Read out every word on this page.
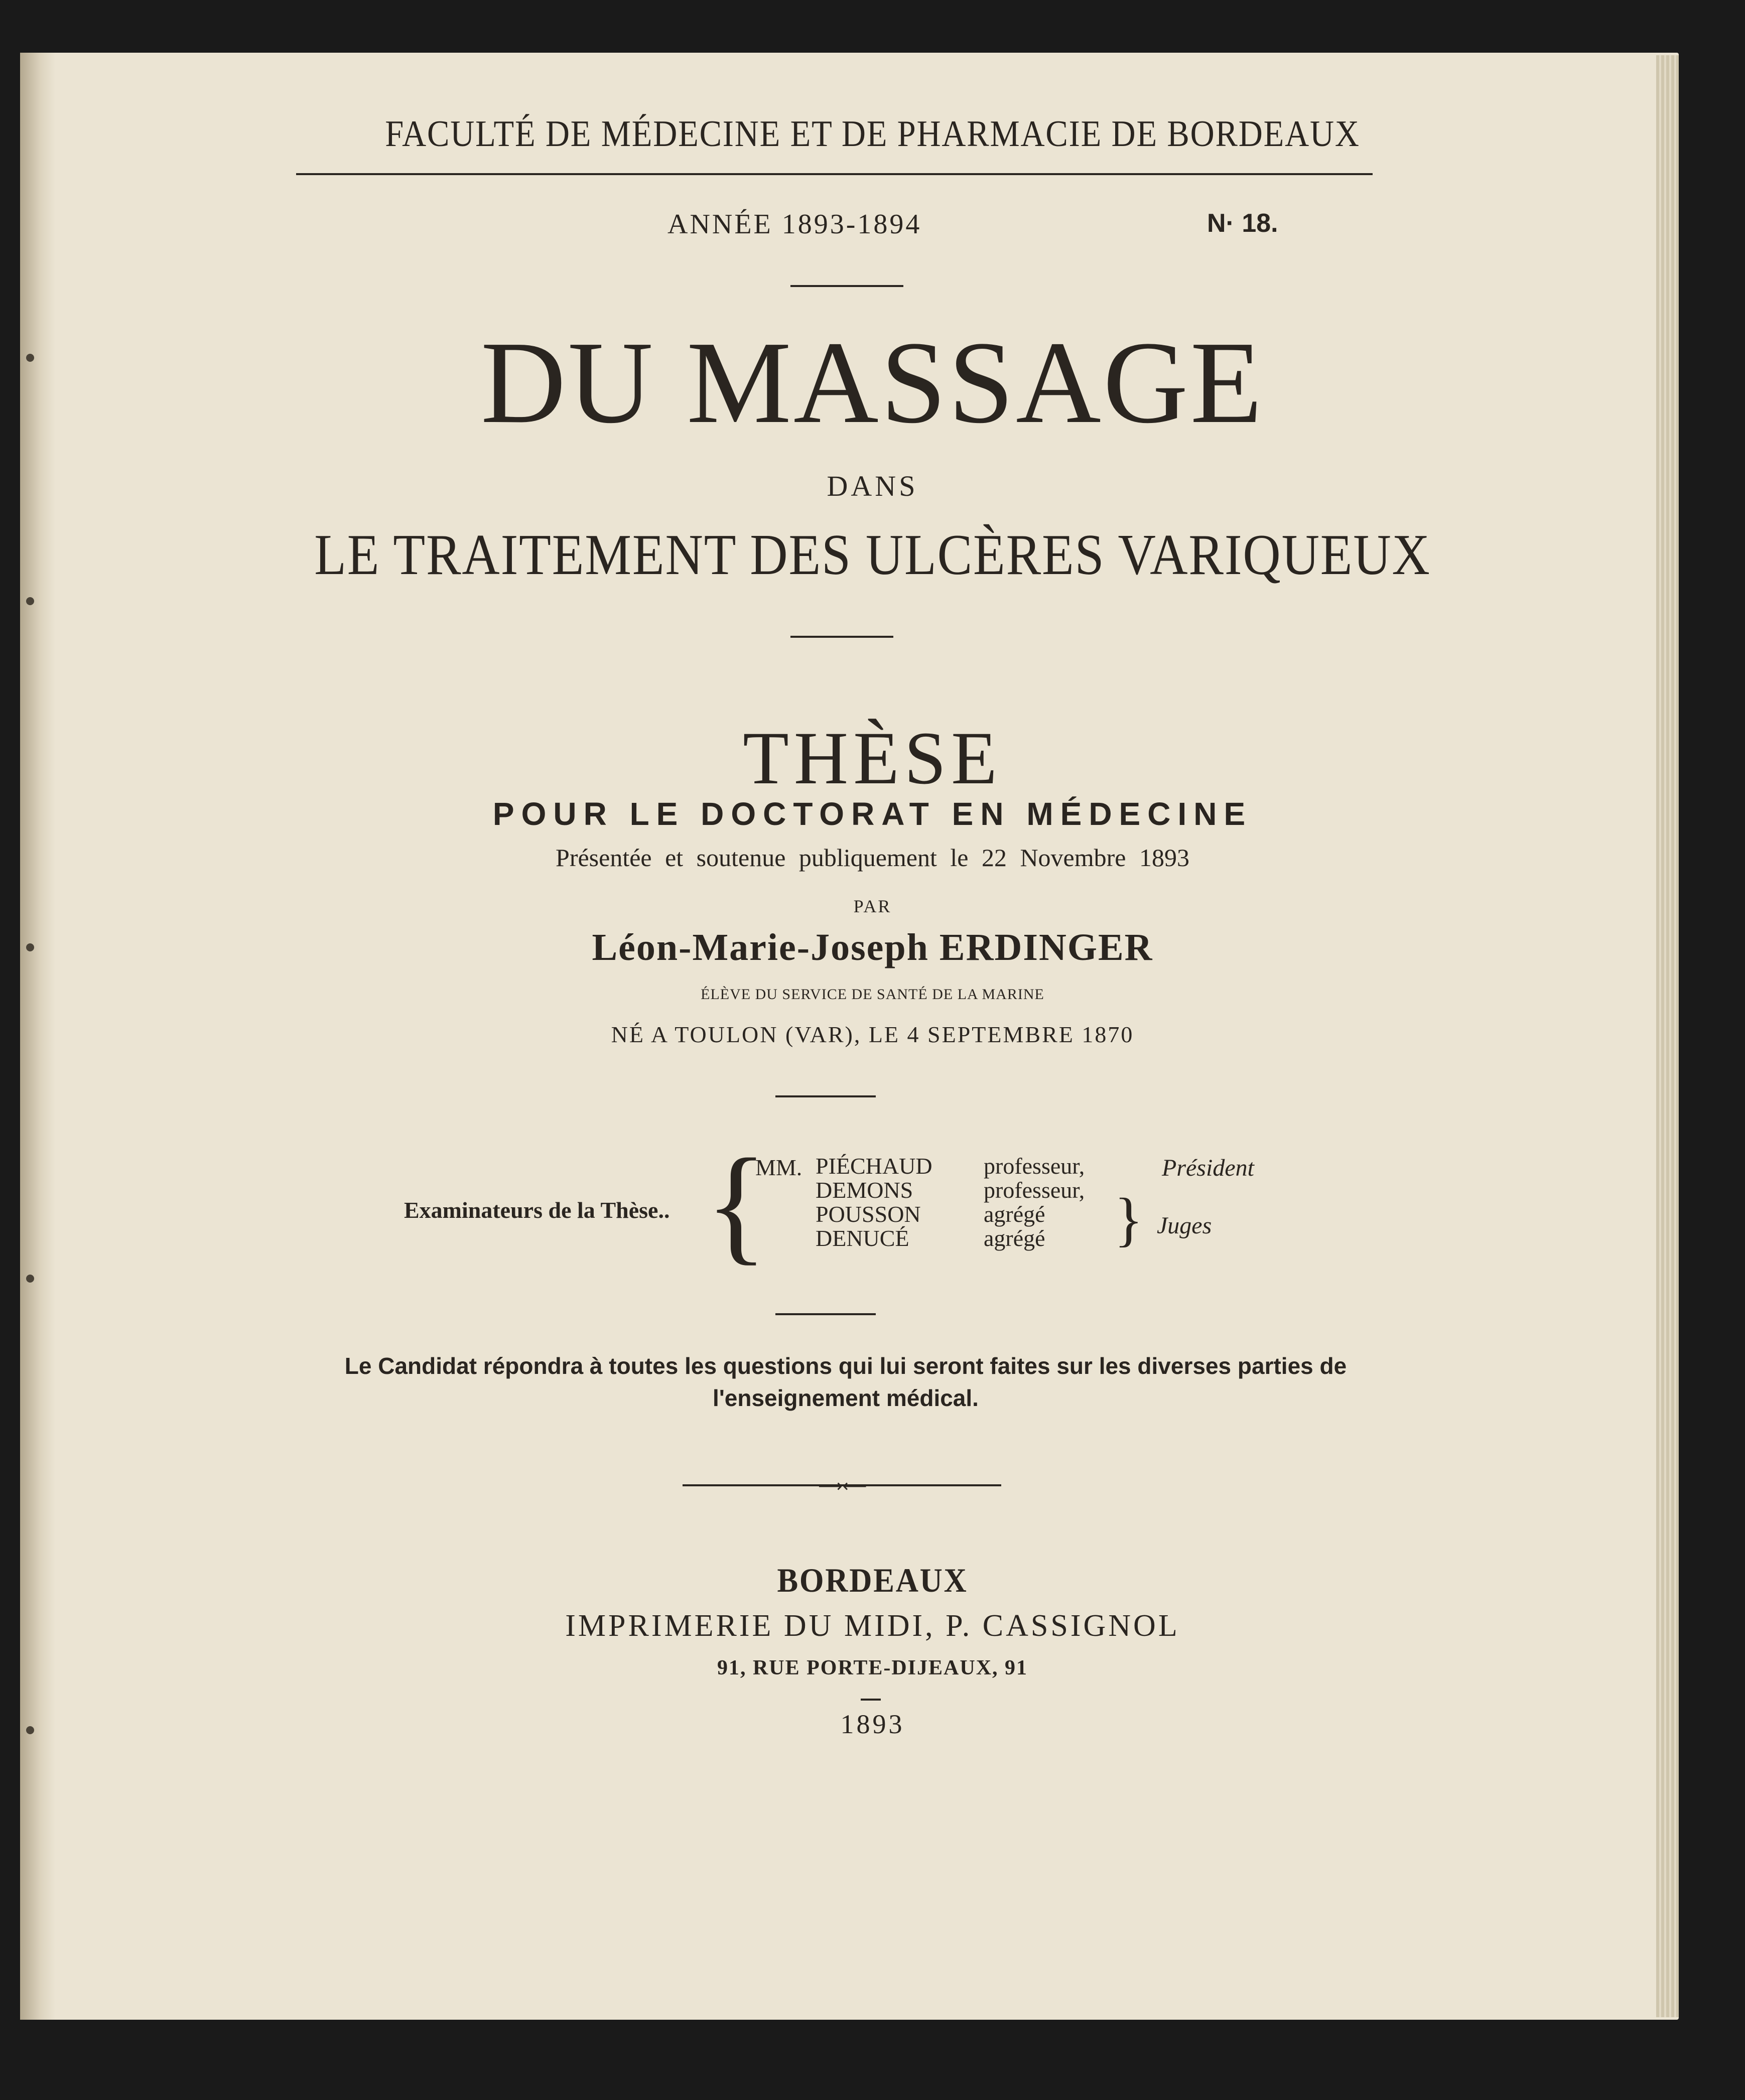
FACULTÉ DE MÉDECINE ET DE PHARMACIE DE BORDEAUX
ANNÉE 1893-1894	N· 18.
DU MASSAGE
DANS
LE TRAITEMENT DES ULCÈRES VARIQUEUX
THÈSE
POUR LE DOCTORAT EN MÉDECINE
Présentée et soutenue publiquement le 22 Novembre 1893
PAR
Léon-Marie-Joseph ERDINGER
ÉLÈVE DU SERVICE DE SANTÉ DE LA MARINE
NÉ A TOULON (VAR), LE 4 SEPTEMBRE 1870
Examinateurs de la Thèse.. {
MM. PIÉCHAUD
DEMONS
POUSSON
DENUCÉ
professeur,
professeur,
agrégé
agrégé
Président
} Juges
Le Candidat répondra à toutes les questions qui lui seront faites sur les diverses parties de l'enseignement médical.
⟶⟵
BORDEAUX
IMPRIMERIE DU MIDI, P. CASSIGNOL
91, RUE PORTE-DIJEAUX, 91
1893
